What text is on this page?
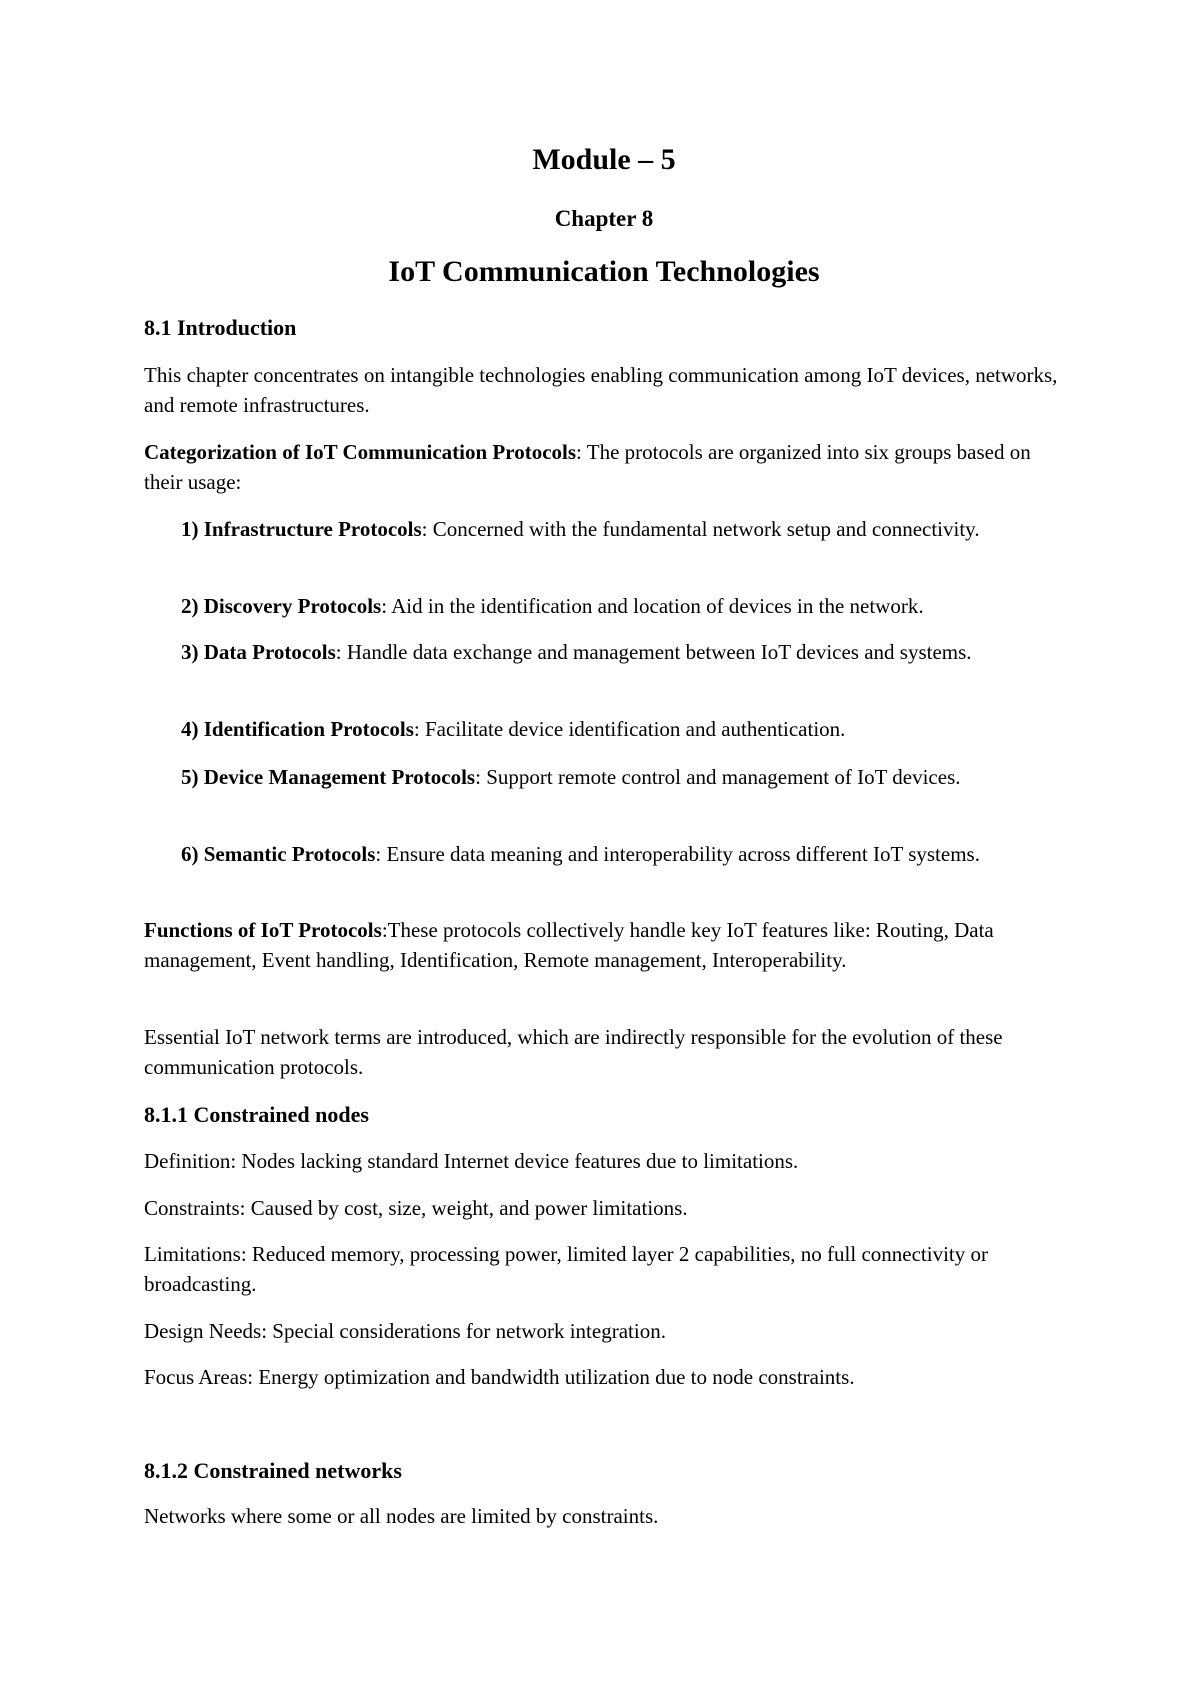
Module – 5
Chapter 8
IoT Communication Technologies
8.1 Introduction
This chapter concentrates on intangible technologies enabling communication among IoT devices, networks, and remote infrastructures.
Categorization of IoT Communication Protocols: The protocols are organized into six groups based on their usage:
1) Infrastructure Protocols: Concerned with the fundamental network setup and connectivity.
2) Discovery Protocols: Aid in the identification and location of devices in the network.
3) Data Protocols: Handle data exchange and management between IoT devices and systems.
4) Identification Protocols: Facilitate device identification and authentication.
5) Device Management Protocols: Support remote control and management of IoT devices.
6) Semantic Protocols: Ensure data meaning and interoperability across different IoT systems.
Functions of IoT Protocols:These protocols collectively handle key IoT features like: Routing, Data management, Event handling, Identification, Remote management, Interoperability.
Essential IoT network terms are introduced, which are indirectly responsible for the evolution of these communication protocols.
8.1.1 Constrained nodes
Definition: Nodes lacking standard Internet device features due to limitations.
Constraints: Caused by cost, size, weight, and power limitations.
Limitations: Reduced memory, processing power, limited layer 2 capabilities, no full connectivity or broadcasting.
Design Needs: Special considerations for network integration.
Focus Areas: Energy optimization and bandwidth utilization due to node constraints.
8.1.2 Constrained networks
Networks where some or all nodes are limited by constraints.
